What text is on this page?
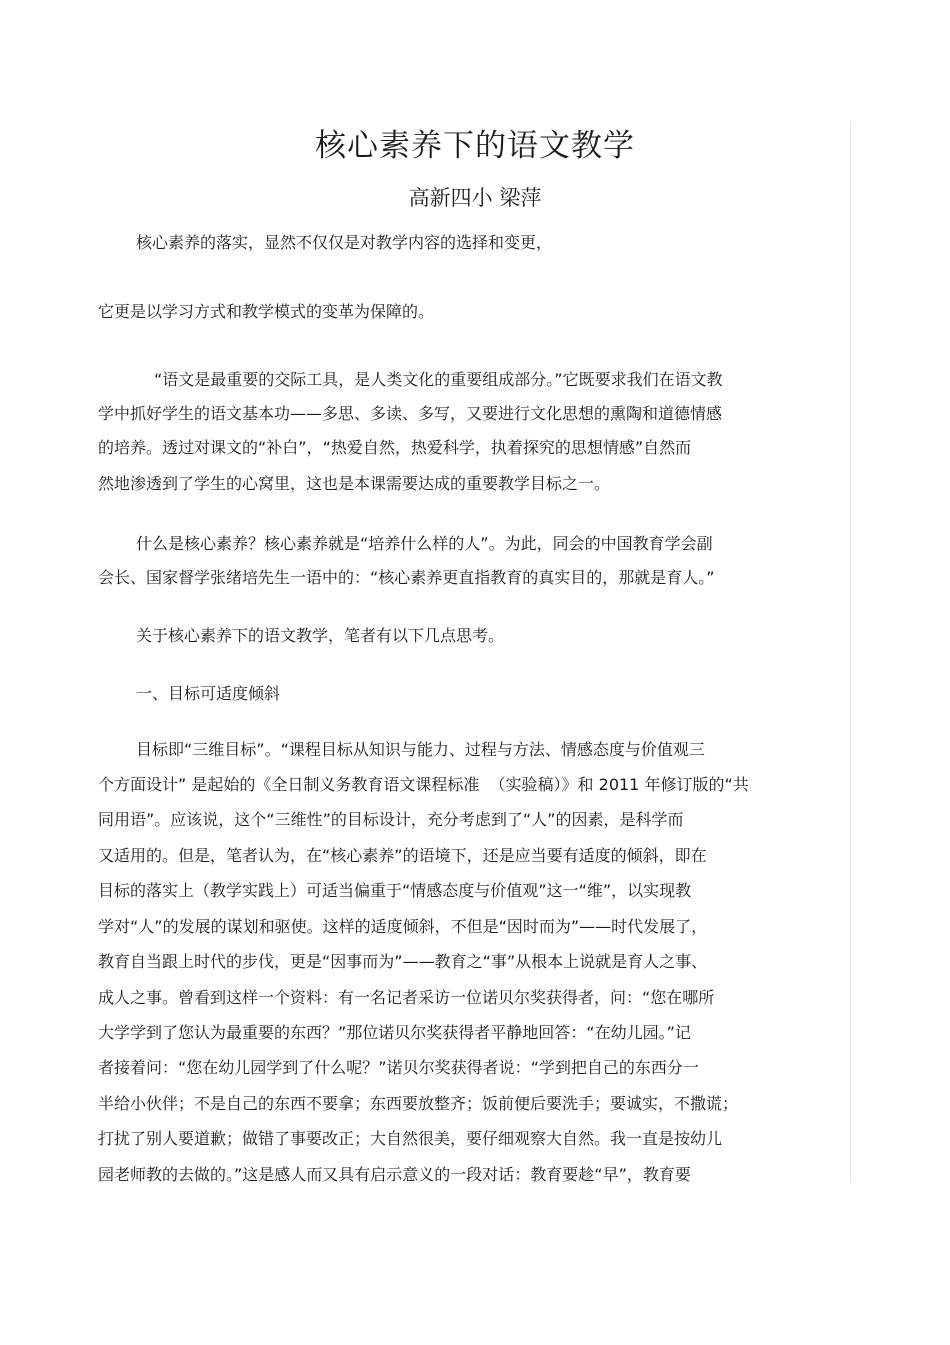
核心素养下的语文教学
高新四小 梁萍
核心素养的落实，显然不仅仅是对教学内容的选择和变更，
它更是以学习方式和教学模式的变革为保障的。
“语文是最重要的交际工具，是人类文化的重要组成部分。”它既要求我们在语文教
学中抓好学生的语文基本功——多思、多读、多写，又要进行文化思想的熏陶和道德情感
的培养。透过对课文的“补白”，“热爱自然，热爱科学，执着探究的思想情感”自然而
然地渗透到了学生的心窝里，这也是本课需要达成的重要教学目标之一。
什么是核心素养？核心素养就是“培养什么样的人”。为此，同会的中国教育学会副
会长、国家督学张绪培先生一语中的：“核心素养更直指教育的真实目的，那就是育人。”
关于核心素养下的语文教学，笔者有以下几点思考。
一、目标可适度倾斜
目标即“三维目标”。“课程目标从知识与能力、过程与方法、情感态度与价值观三
个方面设计” 是起始的《全日制义务教育语文课程标准  （实验稿）》和 2011 年修订版的“共
同用语”。应该说，这个“三维性”的目标设计，充分考虑到了“人”的因素，是科学而
又适用的。但是，笔者认为，在“核心素养”的语境下，还是应当要有适度的倾斜，即在
目标的落实上（教学实践上）可适当偏重于“情感态度与价值观”这一“维”，以实现教
学对“人”的发展的谋划和驱使。这样的适度倾斜，不但是“因时而为”——时代发展了，
教育自当跟上时代的步伐，更是“因事而为”——教育之“事”从根本上说就是育人之事、
成人之事。曾看到这样一个资料：有一名记者采访一位诺贝尔奖获得者，问：“您在哪所
大学学到了您认为最重要的东西？”那位诺贝尔奖获得者平静地回答：“在幼儿园。”记
者接着问：“您在幼儿园学到了什么呢？”诺贝尔奖获得者说：“学到把自己的东西分一
半给小伙伴；不是自己的东西不要拿；东西要放整齐；饭前便后要洗手；要诚实，不撒谎；
打扰了别人要道歉；做错了事要改正；大自然很美，要仔细观察大自然。我一直是按幼儿
园老师教的去做的。”这是感人而又具有启示意义的一段对话：教育要趁“早”，教育要
